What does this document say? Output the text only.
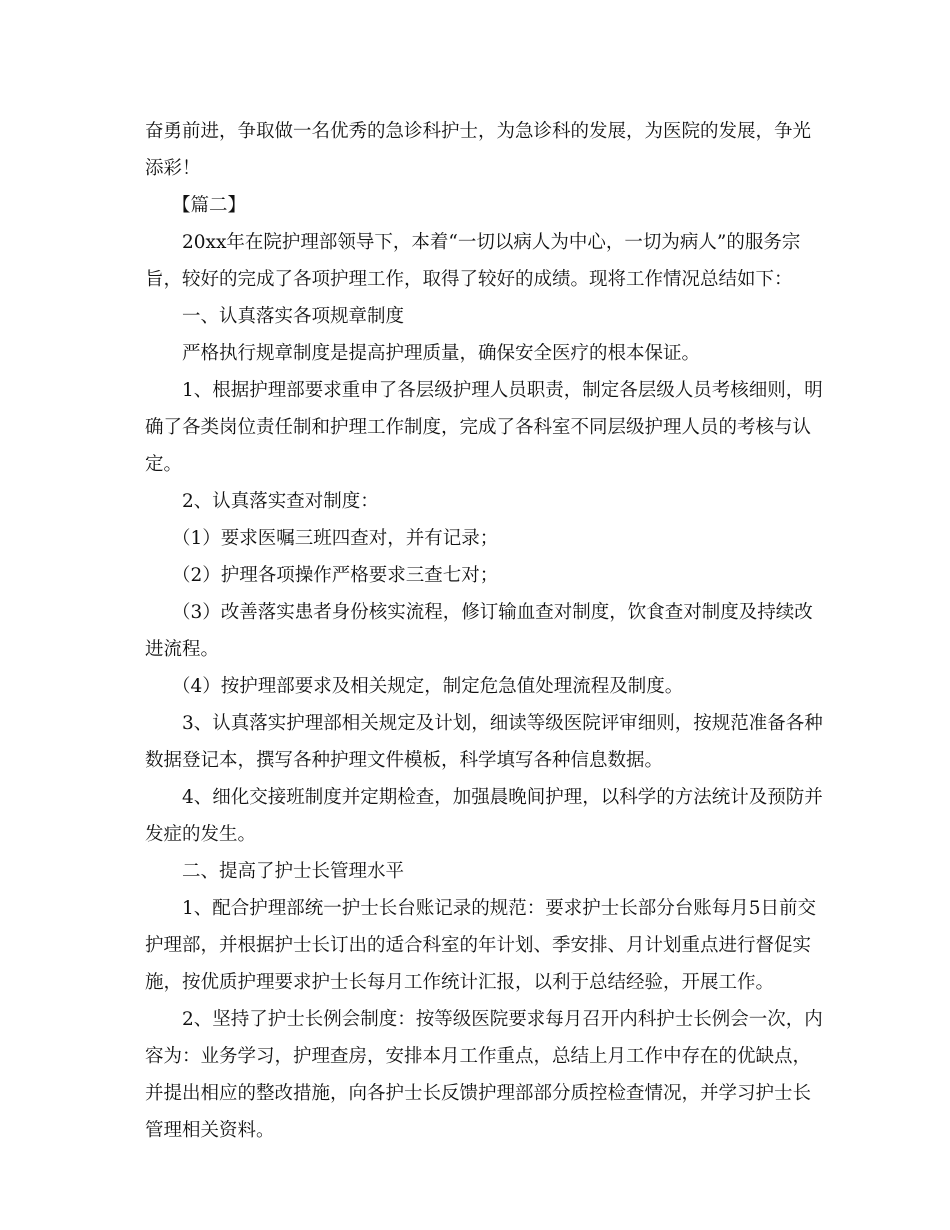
奋勇前进，争取做一名优秀的急诊科护士，为急诊科的发展，为医院的发展，争光添彩！

【篇二】

20xx年在院护理部领导下，本着“一切以病人为中心，一切为病人”的服务宗旨，较好的完成了各项护理工作，取得了较好的成绩。现将工作情况总结如下：

一、认真落实各项规章制度

严格执行规章制度是提高护理质量，确保安全医疗的根本保证。

1、根据护理部要求重申了各层级护理人员职责，制定各层级人员考核细则，明确了各类岗位责任制和护理工作制度，完成了各科室不同层级护理人员的考核与认定。

2、认真落实查对制度：

（1）要求医嘱三班四查对，并有记录；

（2）护理各项操作严格要求三查七对；

（3）改善落实患者身份核实流程，修订输血查对制度，饮食查对制度及持续改进流程。

（4）按护理部要求及相关规定，制定危急值处理流程及制度。

3、认真落实护理部相关规定及计划，细读等级医院评审细则，按规范准备各种数据登记本，撰写各种护理文件模板，科学填写各种信息数据。

4、细化交接班制度并定期检查，加强晨晚间护理，以科学的方法统计及预防并发症的发生。

二、提高了护士长管理水平

1、配合护理部统一护士长台账记录的规范：要求护士长部分台账每月5日前交护理部，并根据护士长订出的适合科室的年计划、季安排、月计划重点进行督促实施，按优质护理要求护士长每月工作统计汇报，以利于总结经验，开展工作。

2、坚持了护士长例会制度：按等级医院要求每月召开内科护士长例会一次，内容为：业务学习，护理查房，安排本月工作重点，总结上月工作中存在的优缺点，并提出相应的整改措施，向各护士长反馈护理部部分质控检查情况，并学习护士长管理相关资料。
